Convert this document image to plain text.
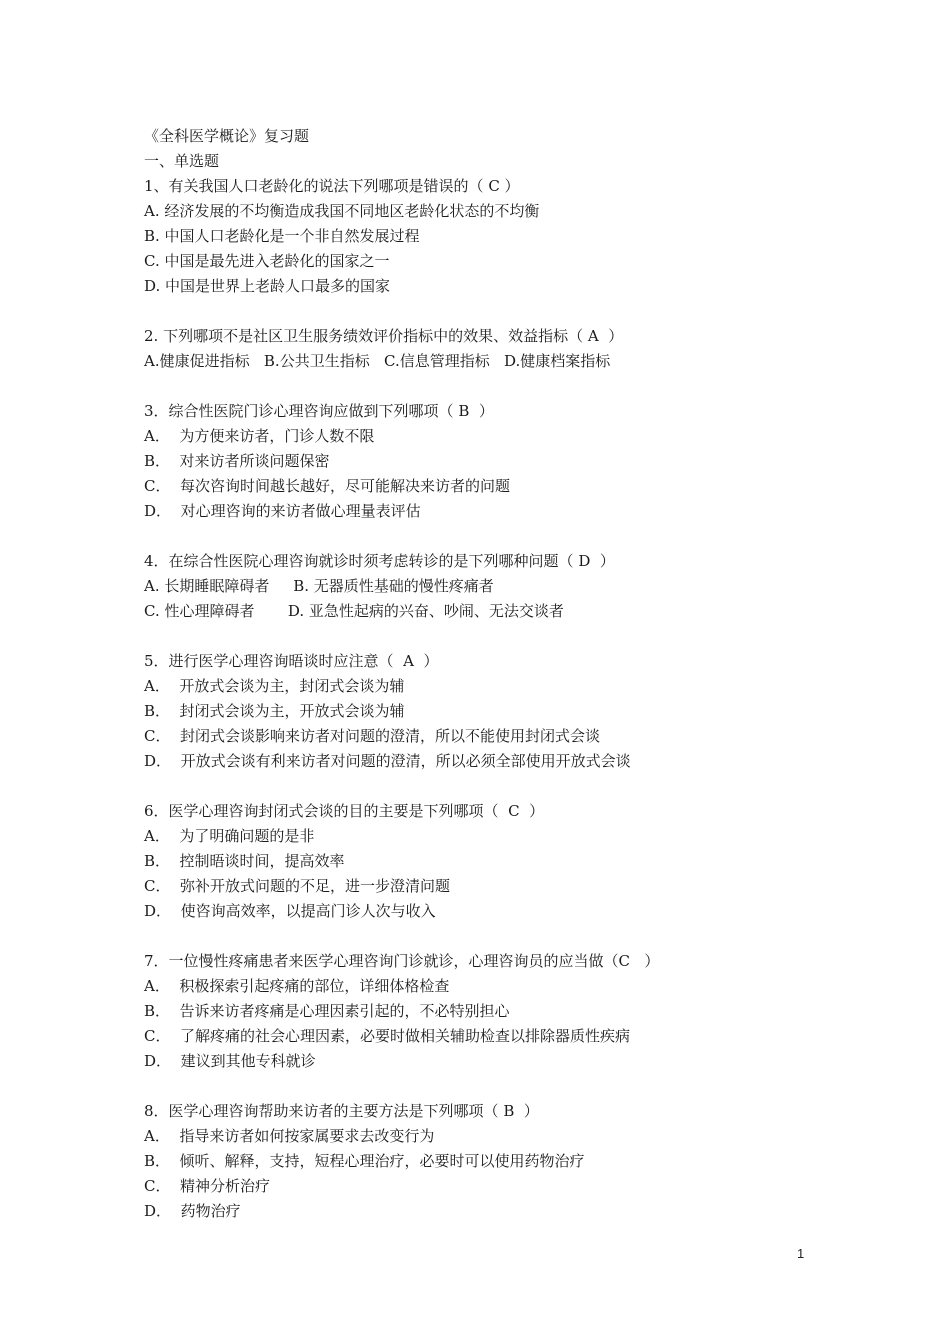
《全科医学概论》复习题
一、单选题
1、有关我国人口老龄化的说法下列哪项是错误的（ C ）
A. 经济发展的不均衡造成我国不同地区老龄化状态的不均衡
B. 中国人口老龄化是一个非自然发展过程
C. 中国是最先进入老龄化的国家之一
D. 中国是世界上老龄人口最多的国家
2. 下列哪项不是社区卫生服务绩效评价指标中的效果、效益指标（ A  ）
A.健康促进指标   B.公共卫生指标   C.信息管理指标   D.健康档案指标
3．综合性医院门诊心理咨询应做到下列哪项（ B  ）
A．  为方便来访者，门诊人数不限
B．  对来访者所谈问题保密
C．  每次咨询时间越长越好，尽可能解决来访者的问题
D．  对心理咨询的来访者做心理量表评估
4．在综合性医院心理咨询就诊时须考虑转诊的是下列哪种问题（ D  ）
A. 长期睡眠障碍者     B. 无器质性基础的慢性疼痛者
C. 性心理障碍者       D. 亚急性起病的兴奋、吵闹、无法交谈者
5．进行医学心理咨询晤谈时应注意（  A  ）
A．  开放式会谈为主，封闭式会谈为辅
B．  封闭式会谈为主，开放式会谈为辅
C．  封闭式会谈影响来访者对问题的澄清，所以不能使用封闭式会谈
D．  开放式会谈有利来访者对问题的澄清，所以必须全部使用开放式会谈
6．医学心理咨询封闭式会谈的目的主要是下列哪项（  C  ）
A．  为了明确问题的是非
B．  控制晤谈时间，提高效率
C．  弥补开放式问题的不足，进一步澄清问题
D．  使咨询高效率，以提高门诊人次与收入
7．一位慢性疼痛患者来医学心理咨询门诊就诊，心理咨询员的应当做（C   ）
A．  积极探索引起疼痛的部位，详细体格检查
B．  告诉来访者疼痛是心理因素引起的，不必特别担心
C．  了解疼痛的社会心理因素，必要时做相关辅助检查以排除器质性疾病
D．  建议到其他专科就诊
8．医学心理咨询帮助来访者的主要方法是下列哪项（ B  ）
A．  指导来访者如何按家属要求去改变行为
B．  倾听、解释，支持，短程心理治疗，必要时可以使用药物治疗
C．  精神分析治疗
D．  药物治疗
1
